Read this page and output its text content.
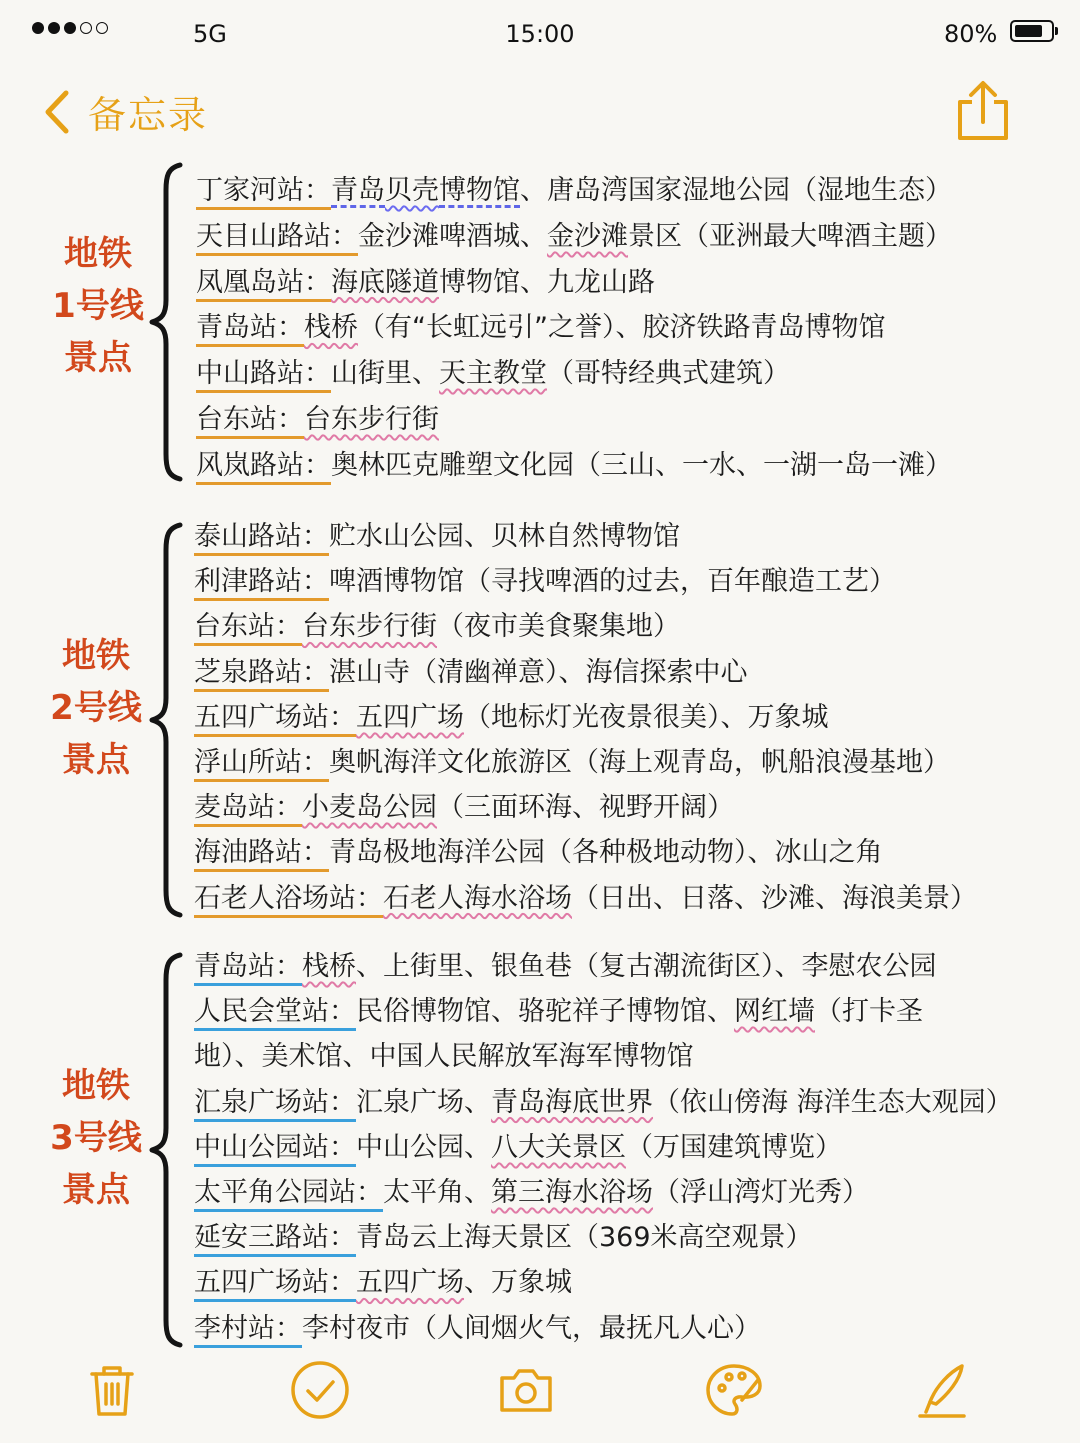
5G	15:00	80%
备忘录
地铁
1号线
景点
丁家河站：青岛贝壳博物馆、唐岛湾国家湿地公园（湿地生态）
天目山路站：金沙滩啤酒城、金沙滩景区（亚洲最大啤酒主题）
凤凰岛站：海底隧道博物馆、九龙山路
青岛站：栈桥（有“长虹远引”之誉）、胶济铁路青岛博物馆
中山路站：山街里、天主教堂（哥特经典式建筑）
台东站：台东步行街
风岚路站：奥林匹克雕塑文化园（三山、一水、一湖一岛一滩）
地铁
2号线
景点
泰山路站：贮水山公园、贝林自然博物馆
利津路站：啤酒博物馆（寻找啤酒的过去，百年酿造工艺）
台东站：台东步行街（夜市美食聚集地）
芝泉路站：湛山寺（清幽禅意）、海信探索中心
五四广场站：五四广场（地标灯光夜景很美）、万象城
浮山所站：奥帆海洋文化旅游区（海上观青岛，帆船浪漫基地）
麦岛站：小麦岛公园（三面环海、视野开阔）
海油路站：青岛极地海洋公园（各种极地动物）、冰山之角
石老人浴场站：石老人海水浴场（日出、日落、沙滩、海浪美景）
地铁
3号线
景点
青岛站：栈桥、上街里、银鱼巷（复古潮流街区）、李慰农公园
人民会堂站：民俗博物馆、骆驼祥子博物馆、网红墙（打卡圣
地）、美术馆、中国人民解放军海军博物馆
汇泉广场站：汇泉广场、青岛海底世界（依山傍海 海洋生态大观园）
中山公园站：中山公园、八大关景区（万国建筑博览）
太平角公园站：太平角、第三海水浴场（浮山湾灯光秀）
延安三路站：青岛云上海天景区（369米高空观景）
五四广场站：五四广场、万象城
李村站：李村夜市（人间烟火气，最抚凡人心）
